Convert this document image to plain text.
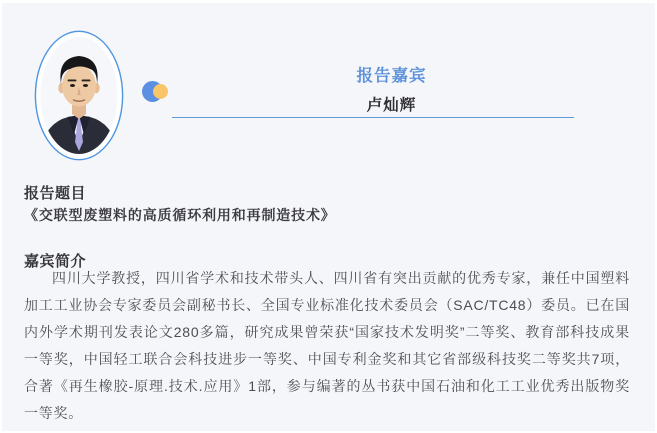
报告嘉宾
卢灿辉
报告题目
《交联型废塑料的高质循环利用和再制造技术》
嘉宾简介
四川大学教授，四川省学术和技术带头人、四川省有突出贡献的优秀专家，兼任中国塑料加工工业协会专家委员会副秘书长、全国专业标准化技术委员会（SAC/TC48）委员。已在国内外学术期刊发表论文280多篇，研究成果曾荣获“国家技术发明奖”二等奖、教育部科技成果一等奖，中国轻工联合会科技进步一等奖、中国专利金奖和其它省部级科技奖二等奖共7项，合著《再生橡胶-原理.技术.应用》1部，参与编著的丛书获中国石油和化工工业优秀出版物奖一等奖。
